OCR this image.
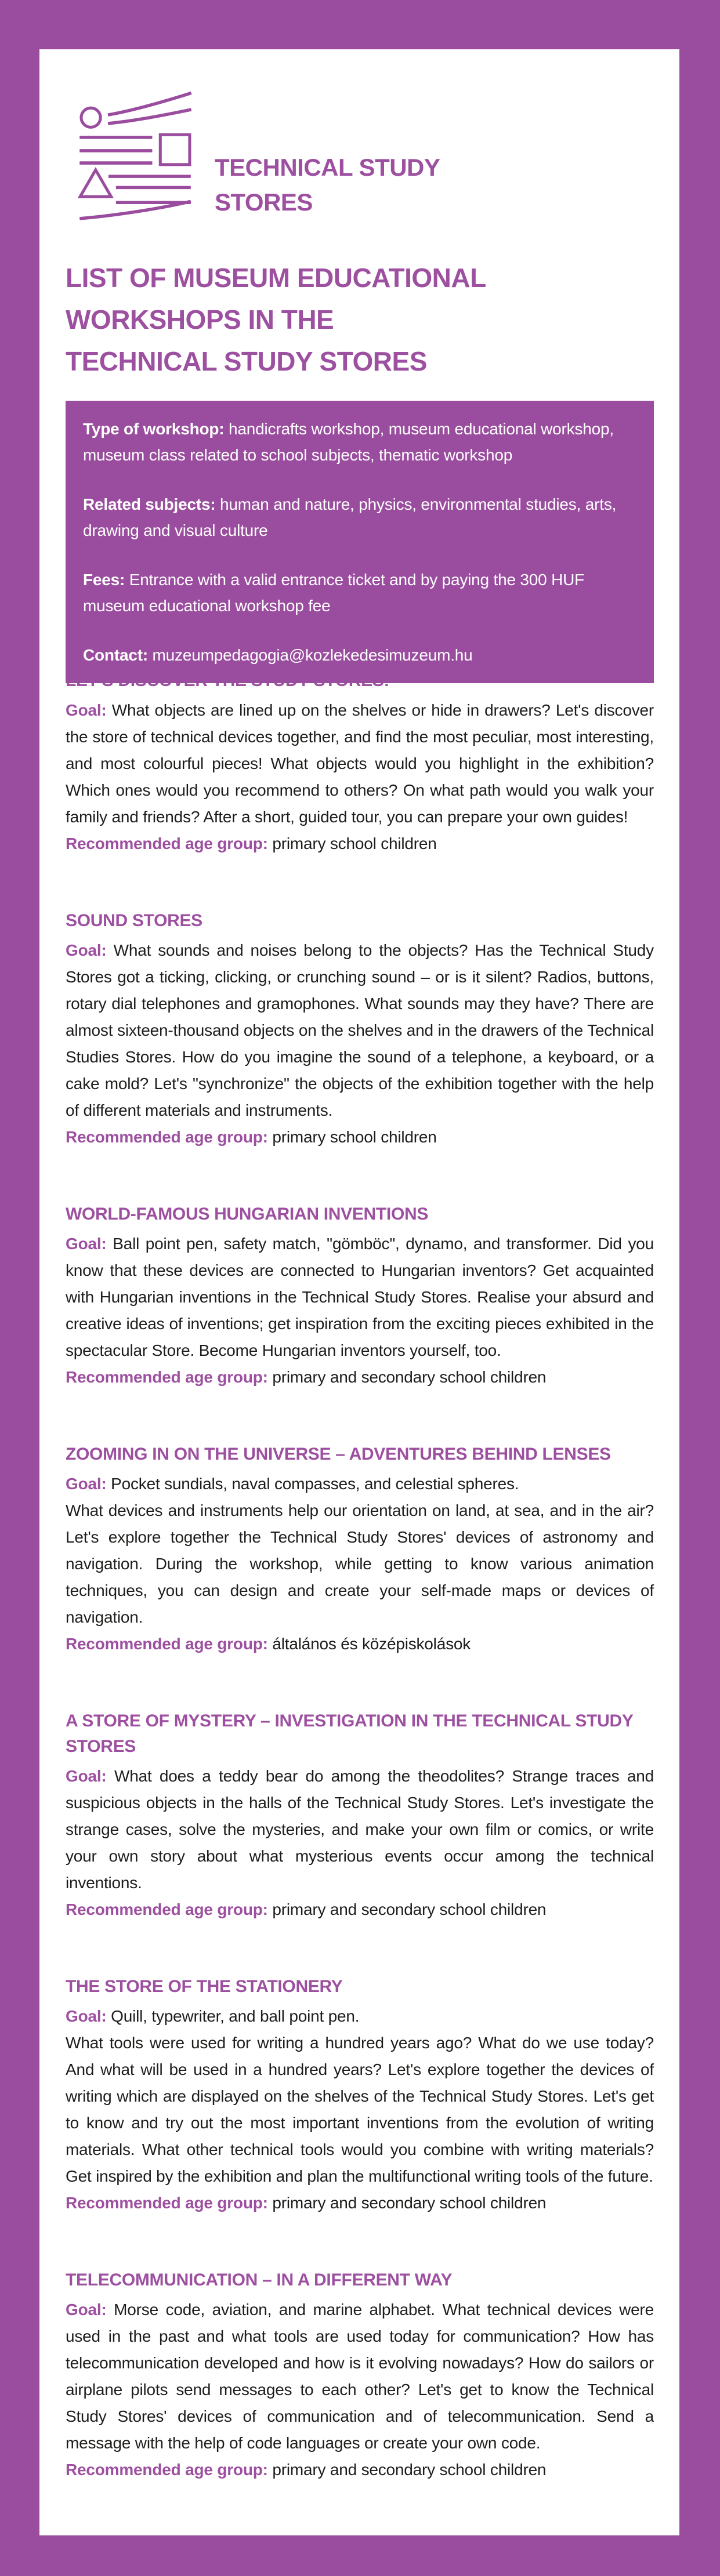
TECHNICAL STUDY
STORES
LIST OF MUSEUM EDUCATIONAL
WORKSHOPS IN THE
TECHNICAL STUDY STORES
Type of workshop: handicrafts workshop, museum educational workshop, museum class related to school subjects, thematic workshop
Related subjects: human and nature, physics, environmental studies, arts, drawing and visual culture
Fees: Entrance with a valid entrance ticket and by paying the 300 HUF museum educational workshop fee
Contact: muzeumpedagogia@kozlekedesimuzeum.hu

Goal: What objects are lined up on the shelves or hide in drawers? Let's discover the store of technical devices together, and find the most peculiar, most interesting, and most colourful pieces! What objects would you highlight in the exhibition? Which ones would you recommend to others? On what path would you walk your family and friends? After a short, guided tour, you can prepare your own guides!

Recommended age group: primary school children

SOUND STORES

Goal: What sounds and noises belong to the objects? Has the Technical Study Stores got a ticking, clicking, or crunching sound – or is it silent? Radios, buttons, rotary dial telephones and gramophones. What sounds may they have? There are almost sixteen-thousand objects on the shelves and in the drawers of the Technical Studies Stores. How do you imagine the sound of a telephone, a keyboard, or a cake mold? Let's "synchronize" the objects of the exhibition together with the help of different materials and instruments.

Recommended age group: primary school children

WORLD-FAMOUS HUNGARIAN INVENTIONS

Goal: Ball point pen, safety match, "gömböc", dynamo, and transformer. Did you know that these devices are connected to Hungarian inventors? Get acquainted with Hungarian inventions in the Technical Study Stores. Realise your absurd and creative ideas of inventions; get inspiration from the exciting pieces exhibited in the spectacular Store. Become Hungarian inventors yourself, too.

Recommended age group: primary and secondary school children

ZOOMING IN ON THE UNIVERSE – ADVENTURES BEHIND LENSES

Goal: Pocket sundials, naval compasses, and celestial spheres.

What devices and instruments help our orientation on land, at sea, and in the air? Let's explore together the Technical Study Stores' devices of astronomy and navigation. During the workshop, while getting to know various animation techniques, you can design and create your self-made maps or devices of navigation.

Recommended age group: általános és középiskolások

A STORE OF MYSTERY – INVESTIGATION IN THE TECHNICAL STUDY STORES

Goal: What does a teddy bear do among the theodolites? Strange traces and suspicious objects in the halls of the Technical Study Stores. Let's investigate the strange cases, solve the mysteries, and make your own film or comics, or write your own story about what mysterious events occur among the technical inventions.

Recommended age group: primary and secondary school children

THE STORE OF THE STATIONERY

Goal: Quill, typewriter, and ball point pen.

What tools were used for writing a hundred years ago? What do we use today? And what will be used in a hundred years? Let's explore together the devices of writing which are displayed on the shelves of the Technical Study Stores. Let's get to know and try out the most important inventions from the evolution of writing materials. What other technical tools would you combine with writing materials? Get inspired by the exhibition and plan the multifunctional writing tools of the future.

Recommended age group: primary and secondary school children

TELECOMMUNICATION – IN A DIFFERENT WAY

Goal: Morse code, aviation, and marine alphabet. What technical devices were used in the past and what tools are used today for communication? How has telecommunication developed and how is it evolving nowadays? How do sailors or airplane pilots send messages to each other? Let's get to know the Technical Study Stores' devices of communication and of telecommunication. Send a message with the help of code languages or create your own code.

Recommended age group: primary and secondary school children
